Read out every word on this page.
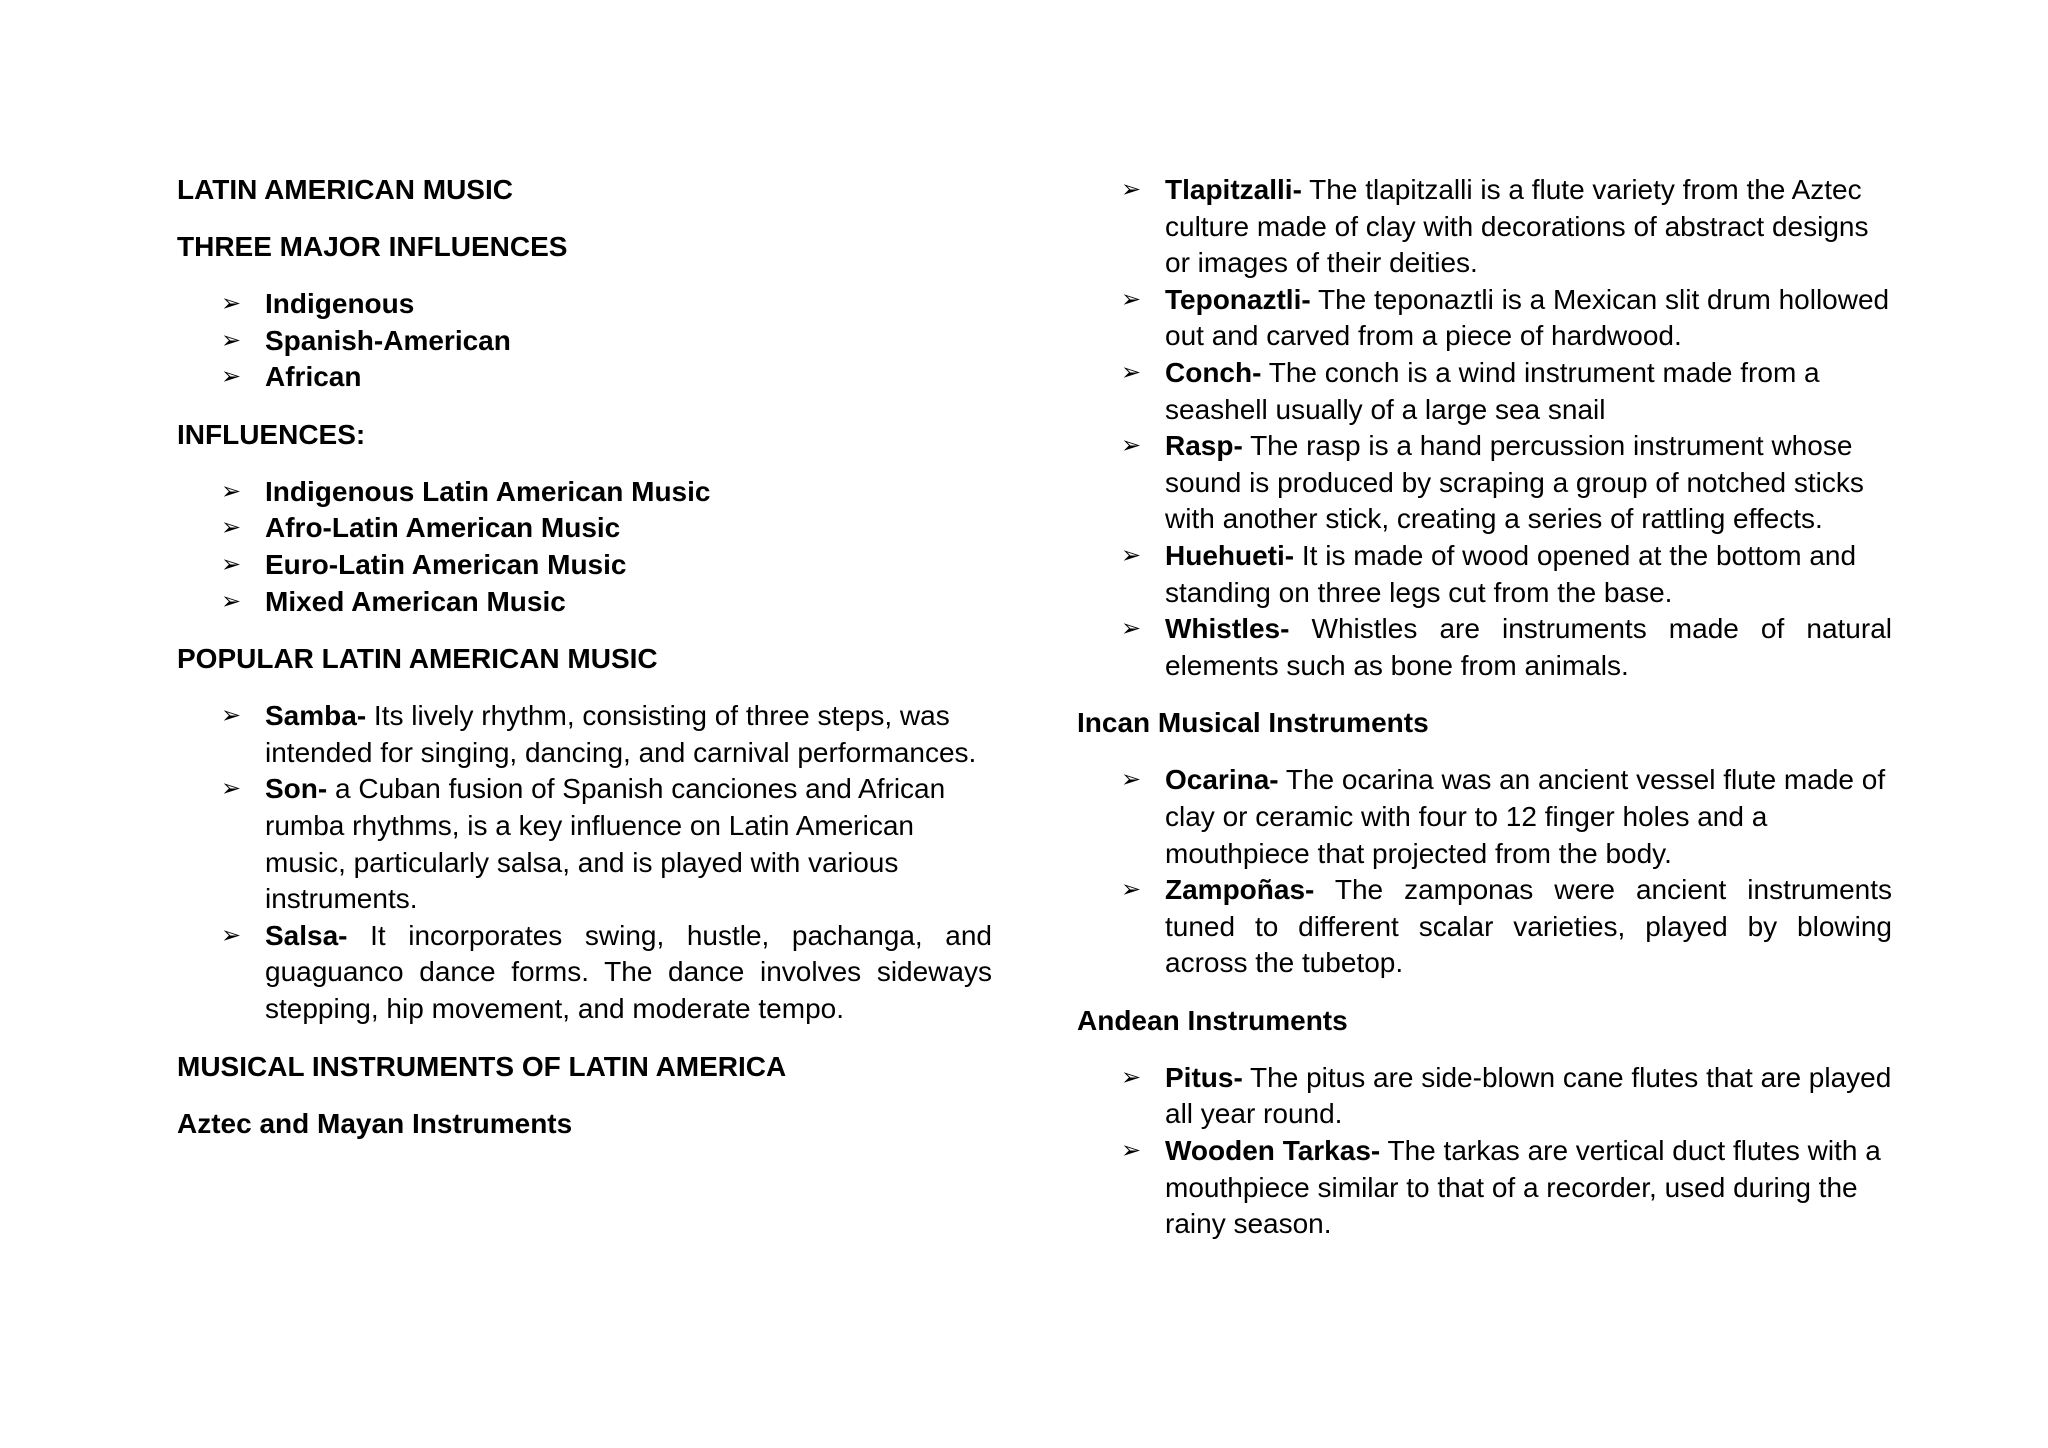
LATIN AMERICAN MUSIC
THREE MAJOR INFLUENCES
➢ Indigenous
➢ Spanish-American
➢ African
INFLUENCES:
➢ Indigenous Latin American Music
➢ Afro-Latin American Music
➢ Euro-Latin American Music
➢ Mixed American Music
POPULAR LATIN AMERICAN MUSIC
➢ Samba- Its lively rhythm, consisting of three steps, was intended for singing, dancing, and carnival performances.
➢ Son- a Cuban fusion of Spanish canciones and African rumba rhythms, is a key influence on Latin American music, particularly salsa, and is played with various instruments.
➢ Salsa- It incorporates swing, hustle, pachanga, and guaguanco dance forms. The dance involves sideways stepping, hip movement, and moderate tempo.
MUSICAL INSTRUMENTS OF LATIN AMERICA
Aztec and Mayan Instruments
➢ Tlapitzalli- The tlapitzalli is a flute variety from the Aztec culture made of clay with decorations of abstract designs or images of their deities.
➢ Teponaztli- The teponaztli is a Mexican slit drum hollowed out and carved from a piece of hardwood.
➢ Conch- The conch is a wind instrument made from a seashell usually of a large sea snail
➢ Rasp- The rasp is a hand percussion instrument whose sound is produced by scraping a group of notched sticks with another stick, creating a series of rattling effects.
➢ Huehueti- It is made of wood opened at the bottom and standing on three legs cut from the base.
➢ Whistles- Whistles are instruments made of natural elements such as bone from animals.
Incan Musical Instruments
➢ Ocarina- The ocarina was an ancient vessel flute made of clay or ceramic with four to 12 finger holes and a mouthpiece that projected from the body.
➢ Zampoñas- The zamponas were ancient instruments tuned to different scalar varieties, played by blowing across the tubetop.
Andean Instruments
➢ Pitus- The pitus are side-blown cane flutes that are played all year round.
➢ Wooden Tarkas- The tarkas are vertical duct flutes with a mouthpiece similar to that of a recorder, used during the rainy season.
